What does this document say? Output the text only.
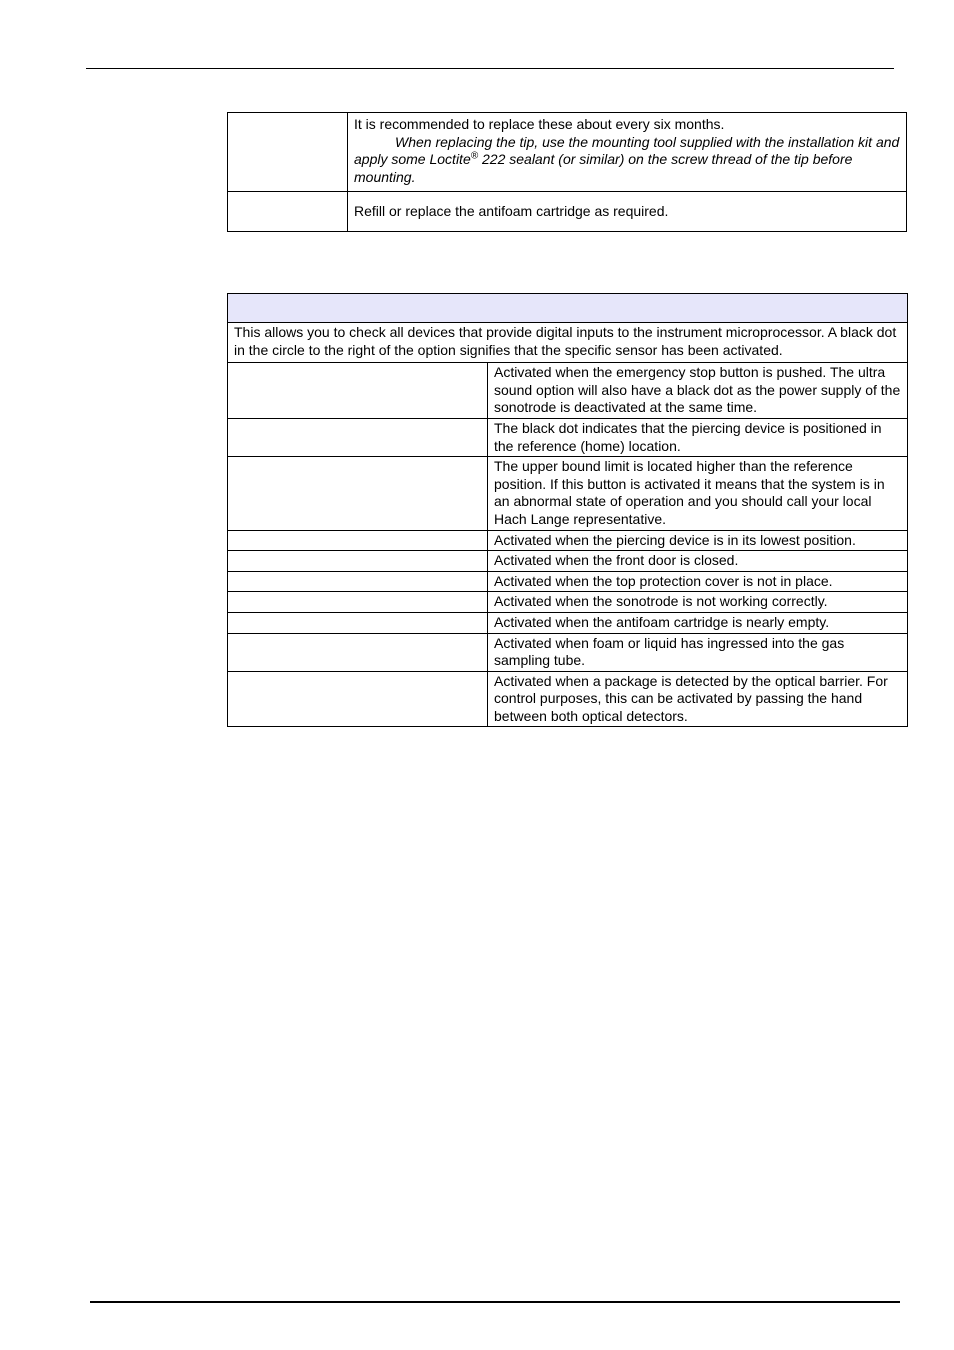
	It is recommended to replace these about every six months.
When replacing the tip, use the mounting tool supplied with the installation kit and apply some Loctite® 222 sealant (or similar) on the screw thread of the tip before mounting.

	Refill or replace the antifoam cartridge as required.

This allows you to check all devices that provide digital inputs to the instrument microprocessor. A black dot in the circle to the right of the option signifies that the specific sensor has been activated.	
	Activated when the emergency stop button is pushed. The ultra sound option will also have a black dot as the power supply of the sonotrode is deactivated at the same time.
	The black dot indicates that the piercing device is positioned in the reference (home) location.
	The upper bound limit is located higher than the reference position. If this button is activated it means that the system is in an abnormal state of operation and you should call your local Hach Lange representative.
	Activated when the piercing device is in its lowest position.
	Activated when the front door is closed.
	Activated when the top protection cover is not in place.
	Activated when the sonotrode is not working correctly.
	Activated when the antifoam cartridge is nearly empty.
	Activated when foam or liquid has ingressed into the gas sampling tube.
	Activated when a package is detected by the optical barrier. For control purposes, this can be activated by passing the hand between both optical detectors.
